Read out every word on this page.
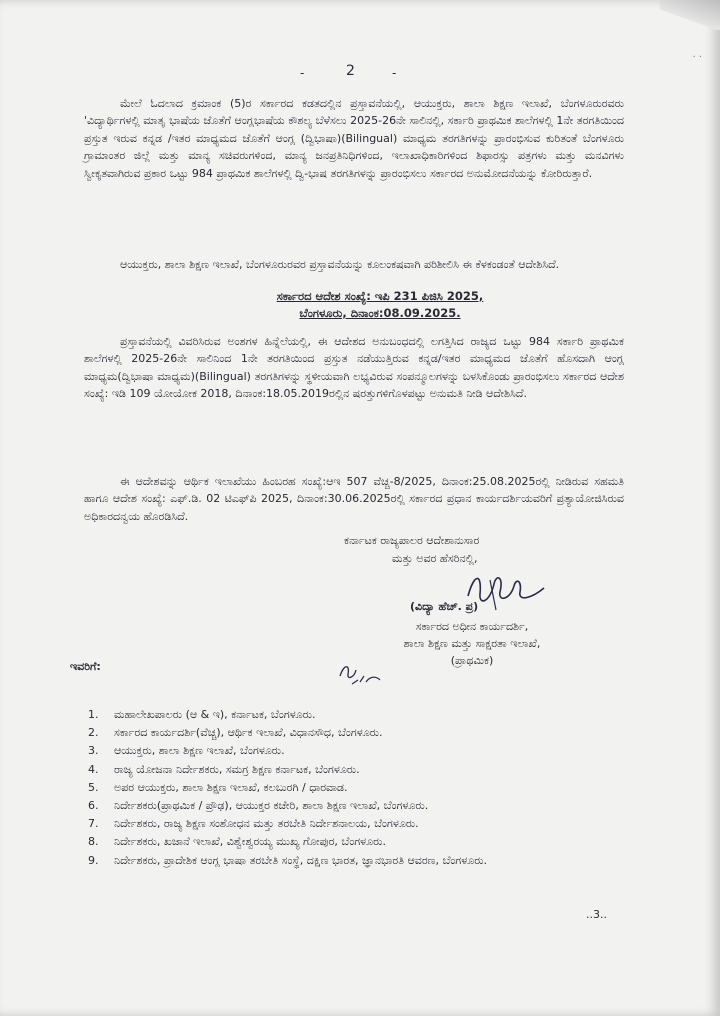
· ·
-	2	-

ಮೇಲೆ ಓದಲಾದ ಕ್ರಮಾಂಕ (5)ರ ಸರ್ಕಾರದ ಕಡತದಲ್ಲಿನ ಪ್ರಸ್ತಾವನೆಯಲ್ಲಿ, ಆಯುಕ್ತರು, ಶಾಲಾ ಶಿಕ್ಷಣ ಇಲಾಖೆ, ಬೆಂಗಳೂರುರವರು 'ವಿದ್ಯಾರ್ಥಿಗಳಲ್ಲಿ ಮಾತೃ ಭಾಷೆಯ ಜೊತೆಗೆ ಆಂಗ್ಲಭಾಷೆಯ ಕೌಶಲ್ಯ ಬೆಳೆಸಲು 2025-26ನೇ ಸಾಲಿನಲ್ಲಿ, ಸರ್ಕಾರಿ ಪ್ರಾಥಮಿಕ ಶಾಲೆಗಳಲ್ಲಿ 1ನೇ ತರಗತಿಯಿಂದ ಪ್ರಸ್ತುತ ಇರುವ ಕನ್ನಡ /ಇತರ ಮಾಧ್ಯಮದ ಜೊತೆಗೆ ಆಂಗ್ಲ (ದ್ವಿಭಾಷಾ)(Bilingual) ಮಾಧ್ಯಮ ತರಗತಿಗಳನ್ನು ಪ್ರಾರಂಭಿಸುವ ಕುರಿತಂತೆ ಬೆಂಗಳೂರು ಗ್ರಾಮಾಂತರ ಜಿಲ್ಲೆ ಮತ್ತು ಮಾನ್ಯ ಸಚಿವರುಗಳಿಂದ, ಮಾನ್ಯ ಜನಪ್ರತಿನಿಧಿಗಳಿಂದ, ಇಲಾಖಾಧಿಕಾರಿಗಳಿಂದ ಶಿಫಾರಸ್ಸು ಪತ್ರಗಳು ಮತ್ತು ಮನವಿಗಳು ಸ್ವೀಕೃತವಾಗಿರುವ ಪ್ರಕಾರ ಒಟ್ಟು 984 ಪ್ರಾಥಮಿಕ ಶಾಲೆಗಳಲ್ಲಿ ದ್ವಿ-ಭಾಷ ತರಗತಿಗಳನ್ನು ಪ್ರಾರಂಭಿಸಲು ಸರ್ಕಾರದ ಅನುಮೋದನೆಯನ್ನು ಕೋರಿರುತ್ತಾರೆ.

ಆಯುಕ್ತರು, ಶಾಲಾ ಶಿಕ್ಷಣ ಇಲಾಖೆ, ಬೆಂಗಳೂರುರವರ ಪ್ರಸ್ತಾವನೆಯನ್ನು ಕೂಲಂಕಷವಾಗಿ ಪರಿಶೀಲಿಸಿ ಈ ಕೆಳಕಂಡಂತೆ ಆದೇಶಿಸಿದೆ.

ಸರ್ಕಾರದ ಆದೇಶ ಸಂಖ್ಯೆ: ಇಪಿ 231 ಪಿಜಿಸಿ 2025,
ಬೆಂಗಳೂರು, ದಿನಾಂಕ:08.09.2025.

ಪ್ರಸ್ತಾವನೆಯಲ್ಲಿ ವಿವರಿಸಿರುವ ಅಂಶಗಳ ಹಿನ್ನೆಲೆಯಲ್ಲಿ, ಈ ಆದೇಶದ ಅನುಬಂಧದಲ್ಲಿ ಲಗತ್ತಿಸಿದ ರಾಜ್ಯದ ಒಟ್ಟು 984 ಸರ್ಕಾರಿ ಪ್ರಾಥಮಿಕ ಶಾಲೆಗಳಲ್ಲಿ 2025-26ನೇ ಸಾಲಿನಿಂದ 1ನೇ ತರಗತಿಯಿಂದ ಪ್ರಸ್ತುತ ನಡೆಯುತ್ತಿರುವ ಕನ್ನಡ/ಇತರ ಮಾಧ್ಯಮದ ಜೊತೆಗೆ ಹೊಸದಾಗಿ ಆಂಗ್ಲ ಮಾಧ್ಯಮ(ದ್ವಿಭಾಷಾ ಮಾಧ್ಯಮ)(Bilingual) ತರಗತಿಗಳನ್ನು ಸ್ಥಳೀಯವಾಗಿ ಲಭ್ಯವಿರುವ ಸಂಪನ್ಮೂಲಗಳನ್ನು ಬಳಸಿಕೊಂಡು ಪ್ರಾರಂಭಿಸಲು ಸರ್ಕಾರದ ಆದೇಶ ಸಂಖ್ಯೆ: ಇಡಿ 109 ಯೋಯೋಕ 2018, ದಿನಾಂಕ:18.05.2019ರಲ್ಲಿನ ಷರತ್ತುಗಳಿಗೊಳಪಟ್ಟು ಅನುಮತಿ ನೀಡಿ ಆದೇಶಿಸಿದೆ.

ಈ ಆದೇಶವನ್ನು ಆರ್ಥಿಕ ಇಲಾಖೆಯು ಹಿಂಬರಹ ಸಂಖ್ಯೆ:ಆಇ 507 ವೆಚ್ಚ-8/2025, ದಿನಾಂಕ:25.08.2025ರಲ್ಲಿ ನೀಡಿರುವ ಸಹಮತಿ ಹಾಗೂ ಆದೇಶ ಸಂಖ್ಯೆ: ಎಫ್.ಡಿ. 02 ಟಿಎಫ್‌ಪಿ 2025, ದಿನಾಂಕ:30.06.2025ರಲ್ಲಿ ಸರ್ಕಾರದ ಪ್ರಧಾನ ಕಾರ್ಯದರ್ಶಿಯವರಿಗೆ ಪ್ರತ್ಯಾಯೋಜಿಸಿರುವ ಅಧಿಕಾರದನ್ವಯ ಹೊರಡಿಸಿದೆ.

ಕರ್ನಾಟಕ ರಾಜ್ಯಪಾಲರ ಆದೇಶಾನುಸಾರ
ಮತ್ತು ಅವರ ಹೆಸರಿನಲ್ಲಿ,
(ವಿದ್ಯಾ ಹೆಚ್. ಪ್ರ)
ಸರ್ಕಾರದ ಅಧೀನ ಕಾರ್ಯದರ್ಶಿ,
ಶಾಲಾ ಶಿಕ್ಷಣ ಮತ್ತು ಸಾಕ್ಷರತಾ ಇಲಾಖೆ,
(ಪ್ರಾಥಮಿಕ)
ಇವರಿಗೆ:
1.	ಮಹಾಲೇಖಪಾಲರು (ಆ & ಇ), ಕರ್ನಾಟಕ, ಬೆಂಗಳೂರು.
2.	ಸರ್ಕಾರದ ಕಾರ್ಯದರ್ಶಿ(ವೆಚ್ಚ), ಆರ್ಥಿಕ ಇಲಾಖೆ, ವಿಧಾನಸೌಧ, ಬೆಂಗಳೂರು.
3.	ಆಯುಕ್ತರು, ಶಾಲಾ ಶಿಕ್ಷಣ ಇಲಾಖೆ, ಬೆಂಗಳೂರು.
4.	ರಾಜ್ಯ ಯೋಜನಾ ನಿರ್ದೇಶಕರು, ಸಮಗ್ರ ಶಿಕ್ಷಣ ಕರ್ನಾಟಕ, ಬೆಂಗಳೂರು.
5.	ಅಪರ ಆಯುಕ್ತರು, ಶಾಲಾ ಶಿಕ್ಷಣ ಇಲಾಖೆ, ಕಲಬುರಗಿ / ಧಾರವಾಡ.
6.	ನಿರ್ದೇಶಕರು(ಪ್ರಾಥಮಿಕ / ಪ್ರೌಢ), ಆಯುಕ್ತರ ಕಚೇರಿ, ಶಾಲಾ ಶಿಕ್ಷಣ ಇಲಾಖೆ, ಬೆಂಗಳೂರು.
7.	ನಿರ್ದೇಶಕರು, ರಾಜ್ಯ ಶಿಕ್ಷಣ ಸಂಶೋಧನ ಮತ್ತು ತರಬೇತಿ ನಿರ್ದೇಶನಾಲಯ, ಬೆಂಗಳೂರು.
8.	ನಿರ್ದೇಶಕರು, ಖಜಾನೆ ಇಲಾಖೆ, ವಿಶ್ವೇಶ್ವರಯ್ಯ ಮುಖ್ಯ ಗೋಪುರ, ಬೆಂಗಳೂರು.
9.	ನಿರ್ದೇಶಕರು, ಪ್ರಾದೇಶಿಕ ಆಂಗ್ಲ ಭಾಷಾ ತರಬೇತಿ ಸಂಸ್ಥೆ, ದಕ್ಷಿಣ ಭಾರತ, ಜ್ಞಾನಭಾರತಿ ಆವರಣ, ಬೆಂಗಳೂರು.
..3..
